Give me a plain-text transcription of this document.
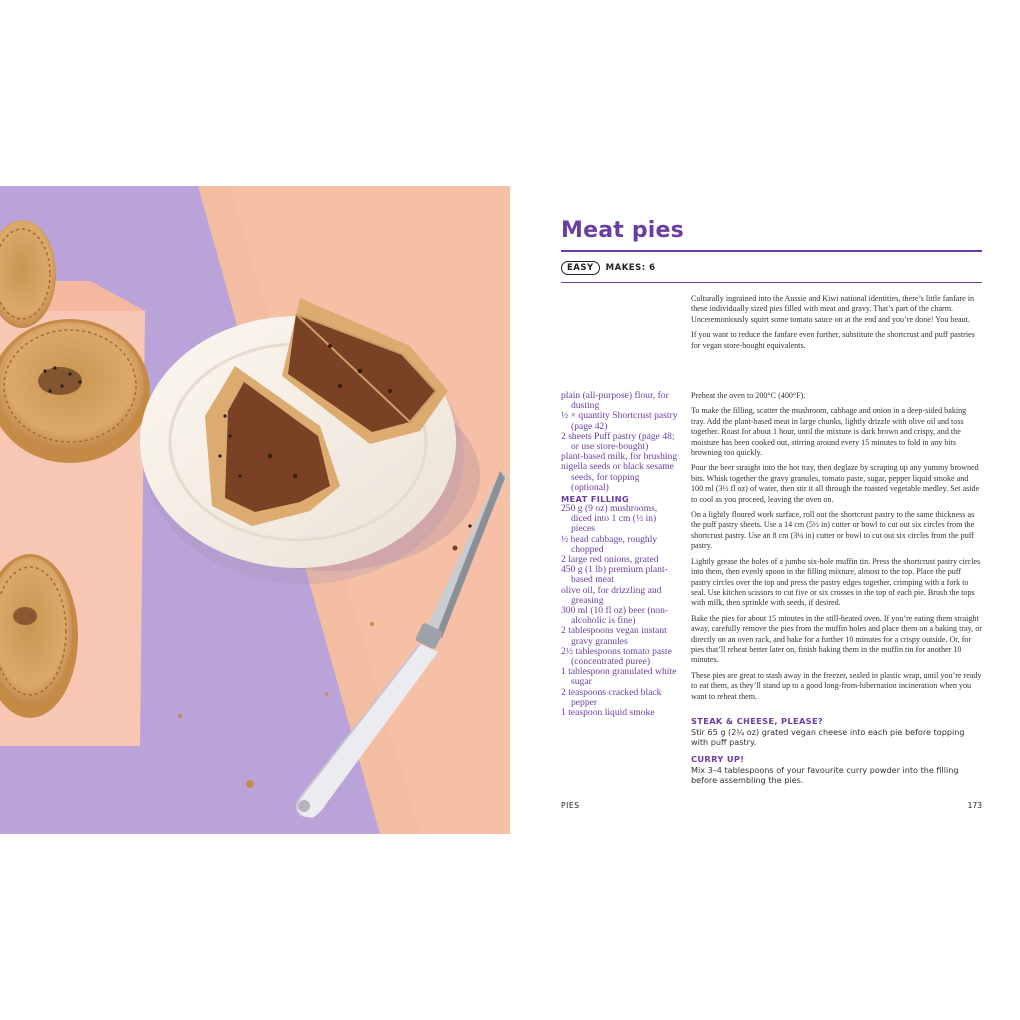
Meat pies
EASY	MAKES: 6

Culturally ingrained into the Aussie and Kiwi national identities, there’s little fanfare in these individually sized pies filled with meat and gravy. That’s part of the charm. Unceremoniously squirt some tomato sauce on at the end and you’re done! You beaut.

If you want to reduce the fanfare even further, substitute the shortcrust and puff pastries for vegan store-bought equivalents.

plain (all-purpose) flour, for dusting
½ × quantity Shortcrust pastry (page 42)
2 sheets Puff pastry (page 48; or use store-bought)
plant-based milk, for brushing
nigella seeds or black sesame seeds, for topping (optional)
MEAT FILLING
250 g (9 oz) mushrooms, diced into 1 cm (½ in) pieces
½ head cabbage, roughly chopped
2 large red onions, grated
450 g (1 lb) premium plant-based meat
olive oil, for drizzling and greasing
300 ml (10 fl oz) beer (non-alcoholic is fine)
2 tablespoons vegan instant gravy granules
2½ tablespoons tomato paste (concentrated puree)
1 tablespoon granulated white sugar
2 teaspoons cracked black pepper
1 teaspoon liquid smoke

Preheat the oven to 200°C (400°F).

To make the filling, scatter the mushroom, cabbage and onion in a deep-sided baking tray. Add the plant-based meat in large chunks, lightly drizzle with olive oil and toss together. Roast for about 1 hour, until the mixture is dark brown and crispy, and the moisture has been cooked out, stirring around every 15 minutes to fold in any bits browning too quickly.

Pour the beer straight into the hot tray, then deglaze by scraping up any yummy browned bits. Whisk together the gravy granules, tomato paste, sugar, pepper liquid smoke and 100 ml (3½ fl oz) of water, then stir it all through the roasted vegetable medley. Set aside to cool as you proceed, leaving the oven on.

On a lightly floured work surface, roll out the shortcrust pastry to the same thickness as the puff pastry sheets. Use a 14 cm (5½ in) cutter or bowl to cut out six circles from the shortcrust pastry. Use an 8 cm (3¼ in) cutter or bowl to cut out six circles from the puff pastry.

Lightly grease the holes of a jumbo six-hole muffin tin. Press the shortcrust pastry circles into them, then evenly spoon in the filling mixture, almost to the top. Place the puff pastry circles over the top and press the pastry edges together, crimping with a fork to seal. Use kitchen scissors to cut five or six crosses in the top of each pie. Brush the tops with milk, then sprinkle with seeds, if desired.

Bake the pies for about 15 minutes in the still-heated oven. If you’re eating them straight away, carefully remove the pies from the muffin holes and place them on a baking tray, or directly on an oven rack, and bake for a further 10 minutes for a crispy outside. Or, for pies that’ll reheat better later on, finish baking them in the muffin tin for another 10 minutes.

These pies are great to stash away in the freezer, sealed in plastic wrap, until you’re ready to eat them, as they’ll stand up to a good long-from-hibernation incineration when you want to reheat them.

STEAK & CHEESE, PLEASE?

Stir 65 g (2¼ oz) grated vegan cheese into each pie before topping with puff pastry.

CURRY UP!

Mix 3–4 tablespoons of your favourite curry powder into the filling before assembling the pies.

PIES	173
